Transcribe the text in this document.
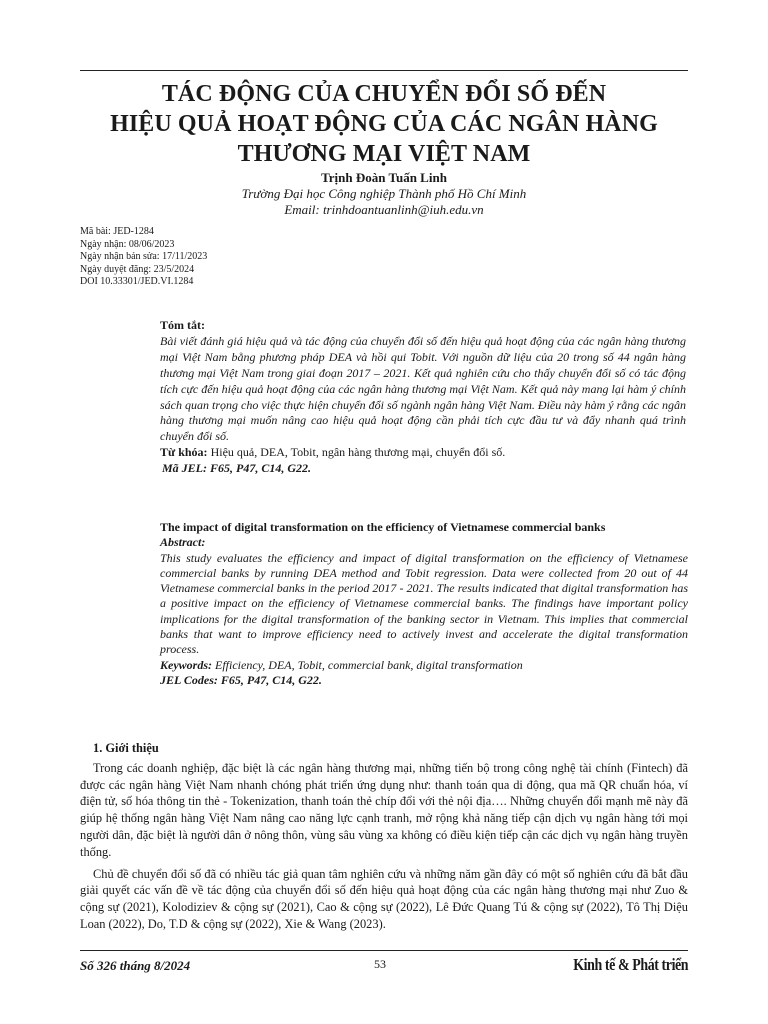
TÁC ĐỘNG CỦA CHUYỂN ĐỔI SỐ ĐẾN
HIỆU QUẢ HOẠT ĐỘNG CỦA CÁC NGÂN HÀNG
THƯƠNG MẠI VIỆT NAM
Trịnh Đoàn Tuấn Linh
Trường Đại học Công nghiệp Thành phố Hồ Chí Minh
Email: trinhdoantuanlinh@iuh.edu.vn
Mã bài: JED-1284
Ngày nhận: 08/06/2023
Ngày nhận bản sửa: 17/11/2023
Ngày duyệt đăng: 23/5/2024
DOI 10.33301/JED.VI.1284
Tóm tắt:
Bài viết đánh giá hiệu quả và tác động của chuyển đổi số đến hiệu quả hoạt động của các ngân hàng thương mại Việt Nam bằng phương pháp DEA và hồi qui Tobit. Với nguồn dữ liệu của 20 trong số 44 ngân hàng thương mại Việt Nam trong giai đoạn 2017 – 2021. Kết quả nghiên cứu cho thấy chuyển đổi số có tác động tích cực đến hiệu quả hoạt động của các ngân hàng thương mại Việt Nam. Kết quả này mang lại hàm ý chính sách quan trọng cho việc thực hiện chuyển đổi số ngành ngân hàng Việt Nam. Điều này hàm ý rằng các ngân hàng thương mại muốn nâng cao hiệu quả hoạt động cần phải tích cực đầu tư và đẩy nhanh quá trình chuyển đổi số.
Từ khóa: Hiệu quả, DEA, Tobit, ngân hàng thương mại, chuyển đổi số.
Mã JEL: F65, P47, C14, G22.
The impact of digital transformation on the efficiency of Vietnamese commercial banks
Abstract:
This study evaluates the efficiency and impact of digital transformation on the efficiency of Vietnamese commercial banks by running DEA method and Tobit regression. Data were collected from 20 out of 44 Vietnamese commercial banks in the period 2017 - 2021. The results indicated that digital transformation has a positive impact on the efficiency of Vietnamese commercial banks. The findings have important policy implications for the digital transformation of the banking sector in Vietnam. This implies that commercial banks that want to improve efficiency need to actively invest and accelerate the digital transformation process.
Keywords: Efficiency, DEA, Tobit, commercial bank, digital transformation
JEL Codes: F65, P47, C14, G22.
1. Giới thiệu

Trong các doanh nghiệp, đặc biệt là các ngân hàng thương mại, những tiến bộ trong công nghệ tài chính (Fintech) đã được các ngân hàng Việt Nam nhanh chóng phát triển ứng dụng như: thanh toán qua di động, qua mã QR chuẩn hóa, ví điện tử, số hóa thông tin thẻ - Tokenization, thanh toán thẻ chíp đổi với thẻ nội địa…. Những chuyển đổi mạnh mẽ này đã giúp hệ thống ngân hàng Việt Nam nâng cao năng lực cạnh tranh, mở rộng khả năng tiếp cận dịch vụ ngân hàng tới mọi người dân, đặc biệt là người dân ở nông thôn, vùng sâu vùng xa không có điều kiện tiếp cận các dịch vụ ngân hàng truyền thống.

Chủ đề chuyển đổi số đã có nhiều tác giả quan tâm nghiên cứu và những năm gần đây có một số nghiên cứu đã bắt đầu giải quyết các vấn đề về tác động của chuyển đổi số đến hiệu quả hoạt động của các ngân hàng thương mại như Zuo & cộng sự (2021), Kolodiziev & cộng sự (2021), Cao & cộng sự (2022), Lê Đức Quang Tú & cộng sự (2022), Tô Thị Diệu Loan (2022), Do, T.D & cộng sự (2022), Xie & Wang (2023).

Số 326 tháng 8/2024	53	Kinh tế & Phát triển
